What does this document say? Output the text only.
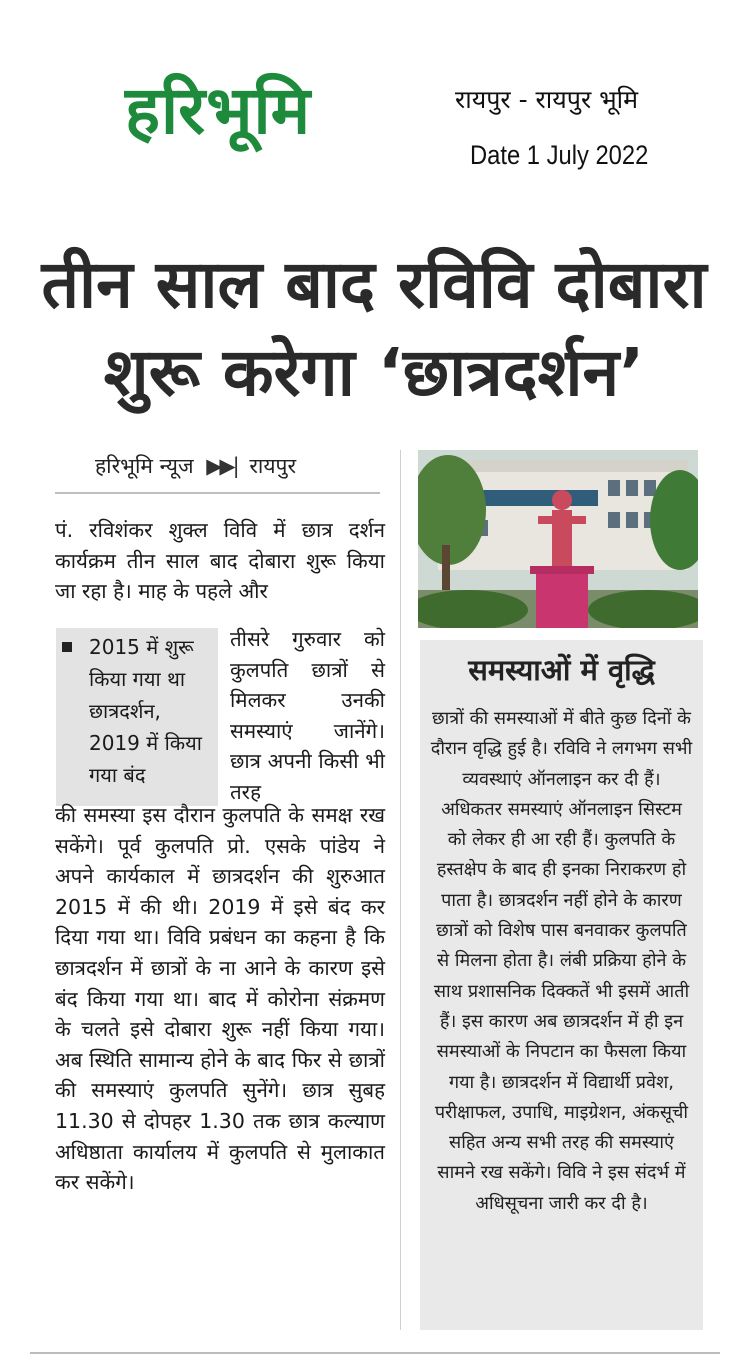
हरिभूमि	रायपुर - रायपुर भूमि
Date 1 July 2022
तीन साल बाद रविवि दोबारा
शुरू करेगा ‘छात्रदर्शन’
हरिभूमि न्यूज ▶▶| रायपुर
पं. रविशंकर शुक्ल विवि में छात्र दर्शन कार्यक्रम तीन साल बाद दोबारा शुरू किया जा रहा है। माह के पहले और
2015 में शुरू किया गया था छात्रदर्शन, 2019 में किया गया बंद
तीसरे गुरुवार को कुलपति छात्रों से मिलकर उनकी समस्याएं जानेंगे। छात्र अपनी किसी भी तरह
की समस्या इस दौरान कुलपति के समक्ष रख सकेंगे। पूर्व कुलपति प्रो. एसके पांडेय ने अपने कार्यकाल में छात्रदर्शन की शुरुआत 2015 में की थी। 2019 में इसे बंद कर दिया गया था। विवि प्रबंधन का कहना है कि छात्रदर्शन में छात्रों के ना आने के कारण इसे बंद किया गया था। बाद में कोरोना संक्रमण के चलते इसे दोबारा शुरू नहीं किया गया। अब स्थिति सामान्य होने के बाद फिर से छात्रों की समस्याएं कुलपति सुनेंगे। छात्र सुबह 11.30 से दोपहर 1.30 तक छात्र कल्याण अधिष्ठाता कार्यालय में कुलपति से मुलाकात कर सकेंगे।
समस्याओं में वृद्धि
छात्रों की समस्याओं में बीते कुछ दिनों के दौरान वृद्धि हुई है। रविवि ने लगभग सभी व्यवस्थाएं ऑनलाइन कर दी हैं। अधिकतर समस्याएं ऑनलाइन सिस्टम को लेकर ही आ रही हैं। कुलपति के हस्तक्षेप के बाद ही इनका निराकरण हो पाता है। छात्रदर्शन नहीं होने के कारण छात्रों को विशेष पास बनवाकर कुलपति से मिलना होता है। लंबी प्रक्रिया होने के साथ प्रशासनिक दिक्कतें भी इसमें आती हैं। इस कारण अब छात्रदर्शन में ही इन समस्याओं के निपटान का फैसला किया गया है। छात्रदर्शन में विद्यार्थी प्रवेश, परीक्षाफल, उपाधि, माइग्रेशन, अंकसूची सहित अन्य सभी तरह की समस्याएं सामने रख सकेंगे। विवि ने इस संदर्भ में अधिसूचना जारी कर दी है।
